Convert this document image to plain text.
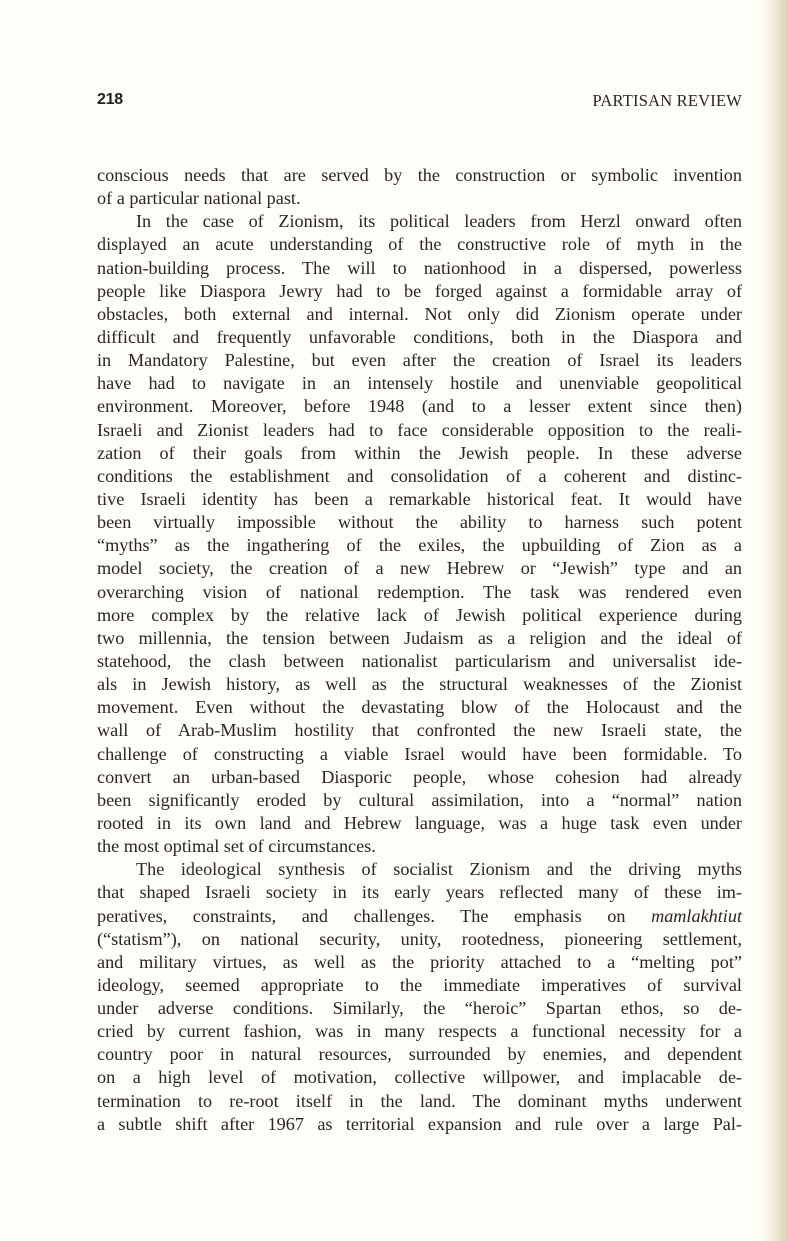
218	PARTISAN REVIEW
conscious needs that are served by the construction or symbolic invention
of a particular national past.
In the case of Zionism, its political leaders from Herzl onward often
displayed an acute understanding of the constructive role of myth in the
nation-building process. The will to nationhood in a dispersed, powerless
people like Diaspora Jewry had to be forged against a formidable array of
obstacles, both external and internal. Not only did Zionism operate under
difficult and frequently unfavorable conditions, both in the Diaspora and
in Mandatory Palestine, but even after the creation of Israel its leaders
have had to navigate in an intensely hostile and unenviable geopolitical
environment. Moreover, before 1948 (and to a lesser extent since then)
Israeli and Zionist leaders had to face considerable opposition to the reali-
zation of their goals from within the Jewish people. In these adverse
conditions the establishment and consolidation of a coherent and distinc-
tive Israeli identity has been a remarkable historical feat. It would have
been virtually impossible without the ability to harness such potent
“myths” as the ingathering of the exiles, the upbuilding of Zion as a
model society, the creation of a new Hebrew or “Jewish” type and an
overarching vision of national redemption. The task was rendered even
more complex by the relative lack of Jewish political experience during
two millennia, the tension between Judaism as a religion and the ideal of
statehood, the clash between nationalist particularism and universalist ide-
als in Jewish history, as well as the structural weaknesses of the Zionist
movement. Even without the devastating blow of the Holocaust and the
wall of Arab-Muslim hostility that confronted the new Israeli state, the
challenge of constructing a viable Israel would have been formidable. To
convert an urban-based Diasporic people, whose cohesion had already
been significantly eroded by cultural assimilation, into a “normal” nation
rooted in its own land and Hebrew language, was a huge task even under
the most optimal set of circumstances.
The ideological synthesis of socialist Zionism and the driving myths
that shaped Israeli society in its early years reflected many of these im-
peratives, constraints, and challenges. The emphasis on mamlakhtiut
(“statism”), on national security, unity, rootedness, pioneering settlement,
and military virtues, as well as the priority attached to a “melting pot”
ideology, seemed appropriate to the immediate imperatives of survival
under adverse conditions. Similarly, the “heroic” Spartan ethos, so de-
cried by current fashion, was in many respects a functional necessity for a
country poor in natural resources, surrounded by enemies, and dependent
on a high level of motivation, collective willpower, and implacable de-
termination to re-root itself in the land. The dominant myths underwent
a subtle shift after 1967 as territorial expansion and rule over a large Pal-
